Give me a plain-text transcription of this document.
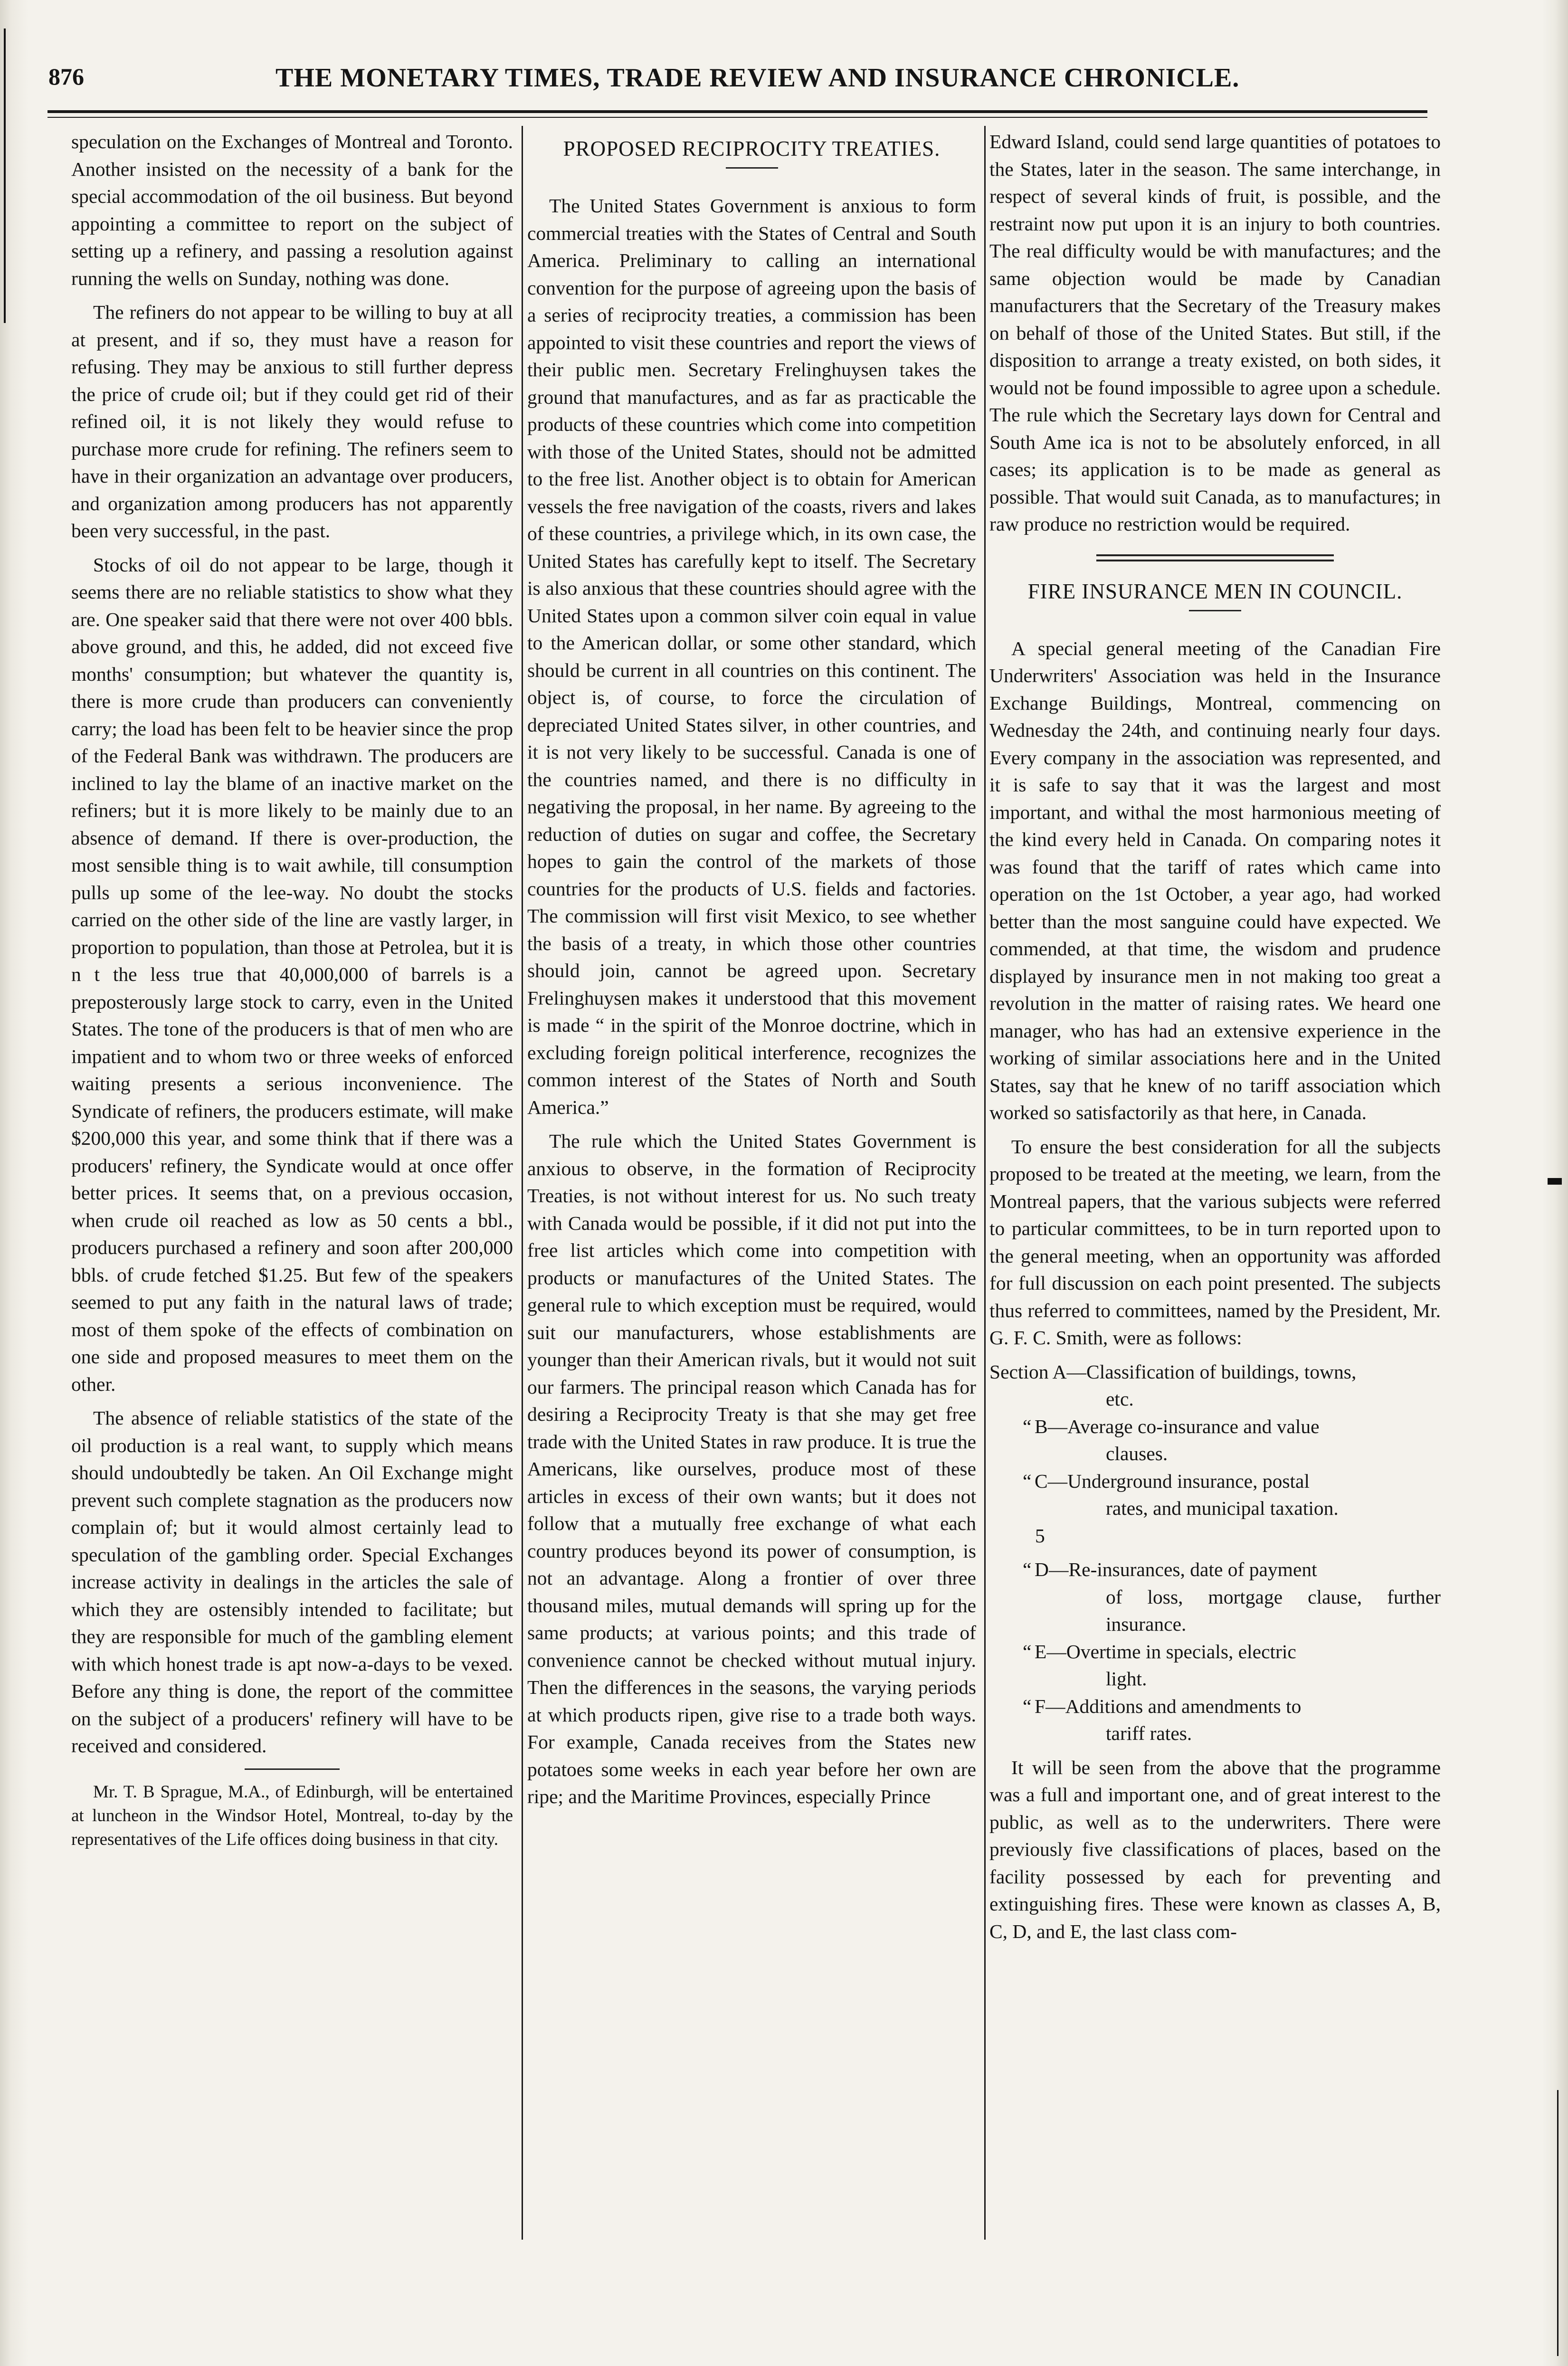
876	THE MONETARY TIMES, TRADE REVIEW AND INSURANCE CHRONICLE.

speculation on the Exchanges of Montreal and Toronto. Another insisted on the necessity of a bank for the special accommodation of the oil business. But beyond appointing a committee to report on the subject of setting up a refinery, and passing a resolution against running the wells on Sunday, nothing was done.

The refiners do not appear to be willing to buy at all at present, and if so, they must have a reason for refusing. They may be anxious to still further depress the price of crude oil; but if they could get rid of their refined oil, it is not likely they would refuse to purchase more crude for refining. The refiners seem to have in their organization an advantage over producers, and organization among producers has not apparently been very successful, in the past.

Stocks of oil do not appear to be large, though it seems there are no reliable statistics to show what they are. One speaker said that there were not over 400 bbls. above ground, and this, he added, did not exceed five months' consumption; but whatever the quantity is, there is more crude than producers can conveniently carry; the load has been felt to be heavier since the prop of the Federal Bank was withdrawn. The producers are inclined to lay the blame of an inactive market on the refiners; but it is more likely to be mainly due to an absence of demand. If there is over-production, the most sensible thing is to wait awhile, till consumption pulls up some of the lee-way. No doubt the stocks carried on the other side of the line are vastly larger, in proportion to population, than those at Petrolea, but it is n t the less true that 40,000,000 of barrels is a preposterously large stock to carry, even in the United States. The tone of the producers is that of men who are impatient and to whom two or three weeks of enforced waiting presents a serious inconvenience. The Syndicate of refiners, the producers estimate, will make $200,000 this year, and some think that if there was a producers' refinery, the Syndicate would at once offer better prices. It seems that, on a previous occasion, when crude oil reached as low as 50 cents a bbl., producers purchased a refinery and soon after 200,000 bbls. of crude fetched $1.25. But few of the speakers seemed to put any faith in the natural laws of trade; most of them spoke of the effects of combination on one side and proposed measures to meet them on the other.

The absence of reliable statistics of the state of the oil production is a real want, to supply which means should undoubtedly be taken. An Oil Exchange might prevent such complete stagnation as the producers now complain of; but it would almost certainly lead to speculation of the gambling order. Special Exchanges increase activity in dealings in the articles the sale of which they are ostensibly intended to facilitate; but they are responsible for much of the gambling element with which honest trade is apt now-a-days to be vexed. Before any thing is done, the report of the committee on the subject of a producers' refinery will have to be received and considered.

Mr. T. B Sprague, M.A., of Edinburgh, will be entertained at luncheon in the Windsor Hotel, Montreal, to-day by the representatives of the Life offices doing business in that city.

PROPOSED RECIPROCITY TREATIES.

The United States Government is anxious to form commercial treaties with the States of Central and South America. Preliminary to calling an international convention for the purpose of agreeing upon the basis of a series of reciprocity treaties, a commission has been appointed to visit these countries and report the views of their public men. Secretary Frelinghuysen takes the ground that manufactures, and as far as practicable the products of these countries which come into competition with those of the United States, should not be admitted to the free list. Another object is to obtain for American vessels the free navigation of the coasts, rivers and lakes of these countries, a privilege which, in its own case, the United States has carefully kept to itself. The Secretary is also anxious that these countries should agree with the United States upon a common silver coin equal in value to the American dollar, or some other standard, which should be current in all countries on this continent. The object is, of course, to force the circulation of depreciated United States silver, in other countries, and it is not very likely to be successful. Canada is one of the countries named, and there is no difficulty in negativing the proposal, in her name. By agreeing to the reduction of duties on sugar and coffee, the Secretary hopes to gain the control of the markets of those countries for the products of U.S. fields and factories. The commission will first visit Mexico, to see whether the basis of a treaty, in which those other countries should join, cannot be agreed upon. Secretary Frelinghuysen makes it understood that this movement is made “ in the spirit of the Monroe doctrine, which in excluding foreign political interference, recognizes the common interest of the States of North and South America.”

The rule which the United States Government is anxious to observe, in the formation of Reciprocity Treaties, is not without interest for us. No such treaty with Canada would be possible, if it did not put into the free list articles which come into competition with products or manufactures of the United States. The general rule to which exception must be required, would suit our manufacturers, whose establishments are younger than their American rivals, but it would not suit our farmers. The principal reason which Canada has for desiring a Reciprocity Treaty is that she may get free trade with the United States in raw produce. It is true the Americans, like ourselves, produce most of these articles in excess of their own wants; but it does not follow that a mutually free exchange of what each country produces beyond its power of consumption, is not an advantage. Along a frontier of over three thousand miles, mutual demands will spring up for the same products; at various points; and this trade of convenience cannot be checked without mutual injury. Then the differences in the seasons, the varying periods at which products ripen, give rise to a trade both ways. For example, Canada receives from the States new potatoes some weeks in each year before her own are ripe; and the Maritime Provinces, especially Prince

Edward Island, could send large quantities of potatoes to the States, later in the season. The same interchange, in respect of several kinds of fruit, is possible, and the restraint now put upon it is an injury to both countries. The real difficulty would be with manufactures; and the same objection would be made by Canadian manufacturers that the Secretary of the Treasury makes on behalf of those of the United States. But still, if the disposition to arrange a treaty existed, on both sides, it would not be found impossible to agree upon a schedule. The rule which the Secretary lays down for Central and South Ame ica is not to be absolutely enforced, in all cases; its application is to be made as general as possible. That would suit Canada, as to manufactures; in raw produce no restriction would be required.

FIRE INSURANCE MEN IN COUNCIL.

A special general meeting of the Canadian Fire Underwriters' Association was held in the Insurance Exchange Buildings, Montreal, commencing on Wednesday the 24th, and continuing nearly four days. Every company in the association was represented, and it is safe to say that it was the largest and most important, and withal the most harmonious meeting of the kind every held in Canada. On comparing notes it was found that the tariff of rates which came into operation on the 1st October, a year ago, had worked better than the most sanguine could have expected. We commended, at that time, the wisdom and prudence displayed by insurance men in not making too great a revolution in the matter of raising rates. We heard one manager, who has had an extensive experience in the working of similar associations here and in the United States, say that he knew of no tariff association which worked so satisfactorily as that here, in Canada.

To ensure the best consideration for all the subjects proposed to be treated at the meeting, we learn, from the Montreal papers, that the various subjects were referred to particular committees, to be in turn reported upon to the general meeting, when an opportunity was afforded for full discussion on each point presented. The subjects thus referred to committees, named by the President, Mr. G. F. C. Smith, were as follows:

Section A—Classification of buildings, towns,
etc.
“ B—Average co-insurance and value
clauses.
“ C—Underground insurance, postal
rates, and municipal taxation.

5

“ D—Re-insurances, date of payment
of loss, mortgage clause, further insurance.
“ E—Overtime in specials, electric
light.
“ F—Additions and amendments to
tariff rates.

It will be seen from the above that the programme was a full and important one, and of great interest to the public, as well as to the underwriters. There were previously five classifications of places, based on the facility possessed by each for preventing and extinguishing fires. These were known as classes A, B, C, D, and E, the last class com-
